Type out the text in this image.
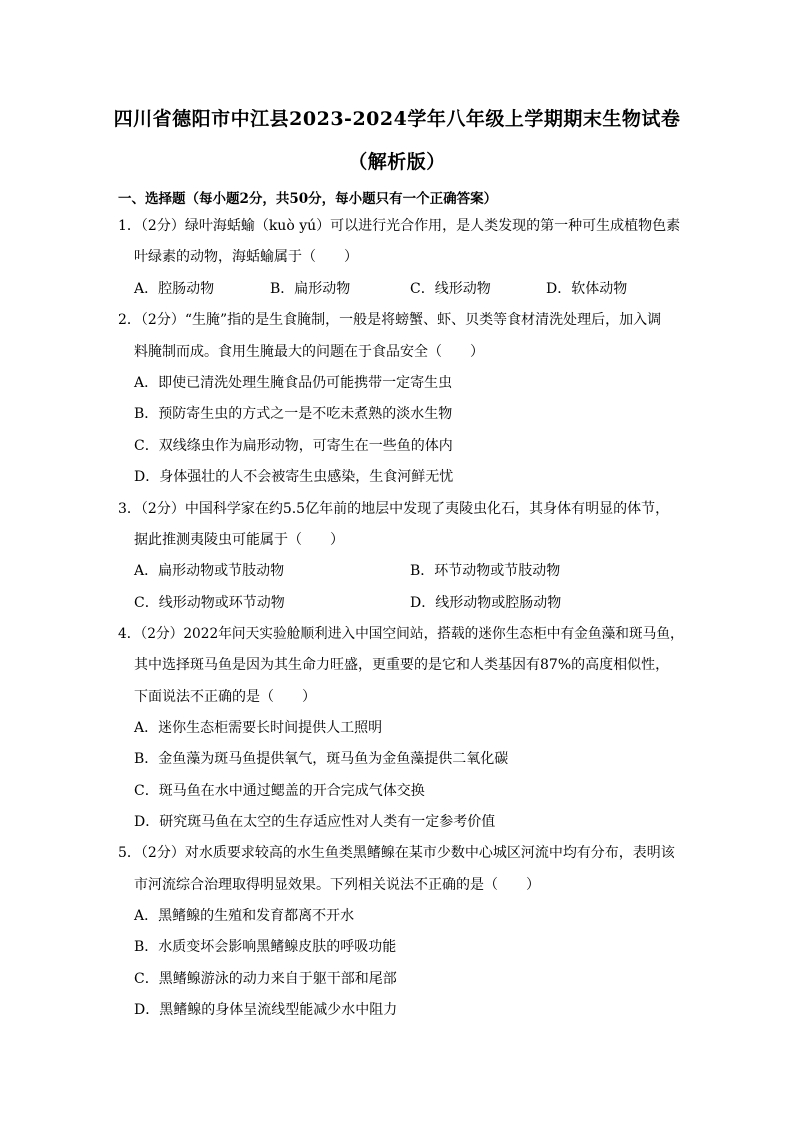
四川省德阳市中江县2023-2024学年八年级上学期期末生物试卷
（解析版）
一、选择题（每小题2分，共50分，每小题只有一个正确答案）
1．（2分）绿叶海蛞蝓（kuò yú）可以进行光合作用，是人类发现的第一种可生成植物色素
叶绿素的动物，海蛞蝓属于（　　）
A．腔肠动物	B．扁形动物	C．线形动物	D．软体动物
2．（2分）“生腌”指的是生食腌制，一般是将螃蟹、虾、贝类等食材清洗处理后，加入调
料腌制而成。食用生腌最大的问题在于食品安全（　　）
A．即使已清洗处理生腌食品仍可能携带一定寄生虫
B．预防寄生虫的方式之一是不吃未煮熟的淡水生物
C．双线绦虫作为扁形动物，可寄生在一些鱼的体内
D．身体强壮的人不会被寄生虫感染，生食河鲜无忧
3．（2分）中国科学家在约5.5亿年前的地层中发现了夷陵虫化石，其身体有明显的体节，
据此推测夷陵虫可能属于（　　）
A．扁形动物或节肢动物	B．环节动物或节肢动物
C．线形动物或环节动物	D．线形动物或腔肠动物
4．（2分）2022年问天实验舱顺利进入中国空间站，搭载的迷你生态柜中有金鱼藻和斑马鱼，
其中选择斑马鱼是因为其生命力旺盛，更重要的是它和人类基因有87%的高度相似性，
下面说法不正确的是（　　）
A．迷你生态柜需要长时间提供人工照明
B．金鱼藻为斑马鱼提供氧气，斑马鱼为金鱼藻提供二氧化碳
C．斑马鱼在水中通过鳃盖的开合完成气体交换
D．研究斑马鱼在太空的生存适应性对人类有一定参考价值
5．（2分）对水质要求较高的水生鱼类黑鳍鳈在某市少数中心城区河流中均有分布，表明该
市河流综合治理取得明显效果。下列相关说法不正确的是（　　）
A．黑鳍鳈的生殖和发育都离不开水
B．水质变坏会影响黑鳍鳈皮肤的呼吸功能
C．黑鳍鳈游泳的动力来自于躯干部和尾部
D．黑鳍鳈的身体呈流线型能减少水中阻力
